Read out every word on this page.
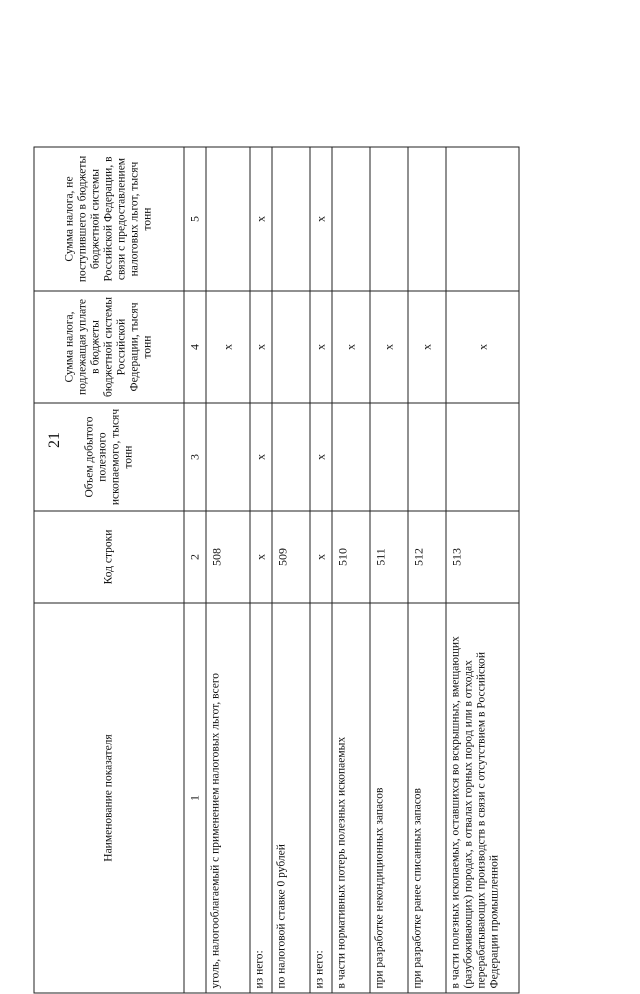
21
Наименование показателя	Код строки	Объем добытого полезного ископаемого, тысяч тонн	Сумма налога, подлежащая уплате в бюджеты бюджетной системы Российской Федерации, тысяч тонн	Сумма налога, не поступившего в бюджеты бюджетной системы Российской Федерации, в связи с предоставлением налоговых льгот, тысяч тонн
1	2	3	4	5
уголь, налогооблагаемый с применением налоговых льгот, всего	508		x	
из него:	x	x	x	x
по налоговой ставке 0 рублей	509			
из него:	x	x	x	x
в части нормативных потерь полезных ископаемых	510		x	
при разработке некондиционных запасов	511		x	
при разработке ранее списанных запасов	512		x	
в части полезных ископаемых, оставшихся во вскрышных, вмещающих (разубоживающих) породах, в отвалах горных пород или в отходах перерабатывающих производств в связи с отсутствием в Российской Федерации промышленной	513		x	
